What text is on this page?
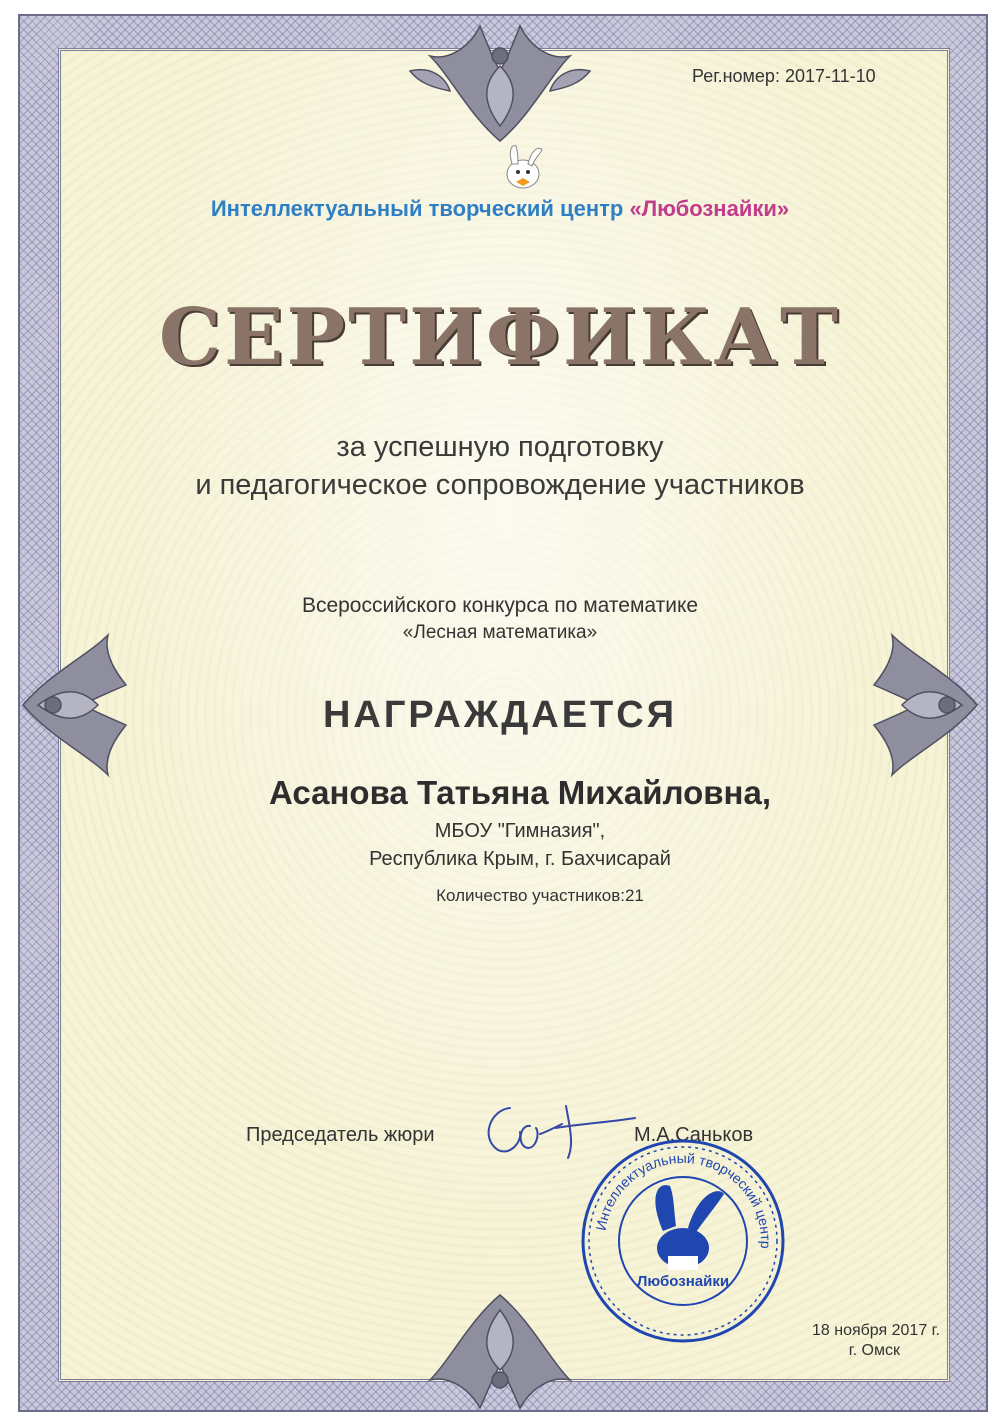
Рег.номер: 2017-11-10
Интеллектуальный творческий центр «Любознайки»
СЕРТИФИКАТ
за успешную подготовку
и педагогическое сопровождение участников
Всероссийского конкурса по математике
«Лесная математика»
НАГРАЖДАЕТСЯ
Асанова Татьяна Михайловна,
МБОУ "Гимназия",
Республика Крым, г. Бахчисарай
Количество участников:21
Председатель жюри	М.А.Саньков
Интеллектуальный творческий центр
Любознайки
18 ноября 2017 г.
г. Омск
